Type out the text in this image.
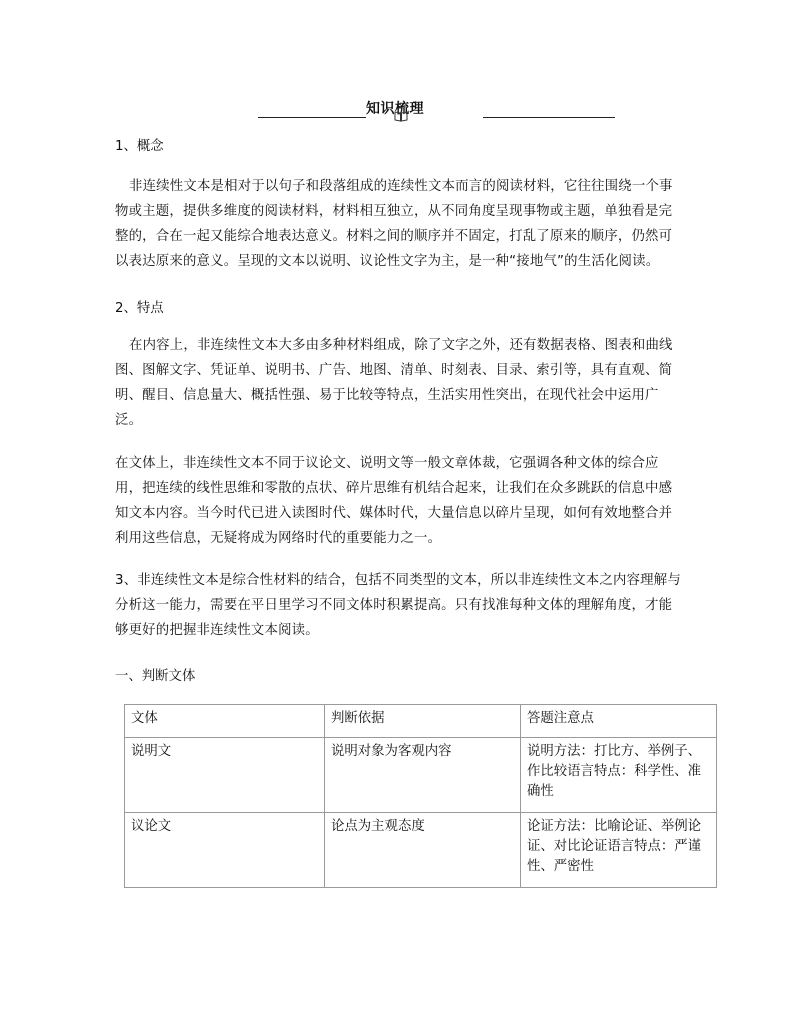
知识梳理
1、概念
非连续性文本是相对于以句子和段落组成的连续性文本而言的阅读材料，它往往围绕一个事物或主题，提供多维度的阅读材料，材料相互独立，从不同角度呈现事物或主题，单独看是完整的，合在一起又能综合地表达意义。材料之间的顺序并不固定，打乱了原来的顺序，仍然可以表达原来的意义。呈现的文本以说明、议论性文字为主，是一种“接地气”的生活化阅读。
2、特点
在内容上，非连续性文本大多由多种材料组成，除了文字之外，还有数据表格、图表和曲线图、图解文字、凭证单、说明书、广告、地图、清单、时刻表、目录、索引等，具有直观、简明、醒目、信息量大、概括性强、易于比较等特点，生活实用性突出，在现代社会中运用广泛。
在文体上，非连续性文本不同于议论文、说明文等一般文章体裁，它强调各种文体的综合应用，把连续的线性思维和零散的点状、碎片思维有机结合起来，让我们在众多跳跃的信息中感知文本内容。当今时代已进入读图时代、媒体时代，大量信息以碎片呈现，如何有效地整合并利用这些信息，无疑将成为网络时代的重要能力之一。
3、非连续性文本是综合性材料的结合，包括不同类型的文本，所以非连续性文本之内容理解与分析这一能力，需要在平日里学习不同文体时积累提高。只有找准每种文体的理解角度，才能够更好的把握非连续性文本阅读。
一、判断文体
文体	判断依据	答题注意点
说明文	说明对象为客观内容	说明方法：打比方、举例子、作比较语言特点：科学性、准确性
议论文	论点为主观态度	论证方法：比喻论证、举例论证、对比论证语言特点：严谨性、严密性
